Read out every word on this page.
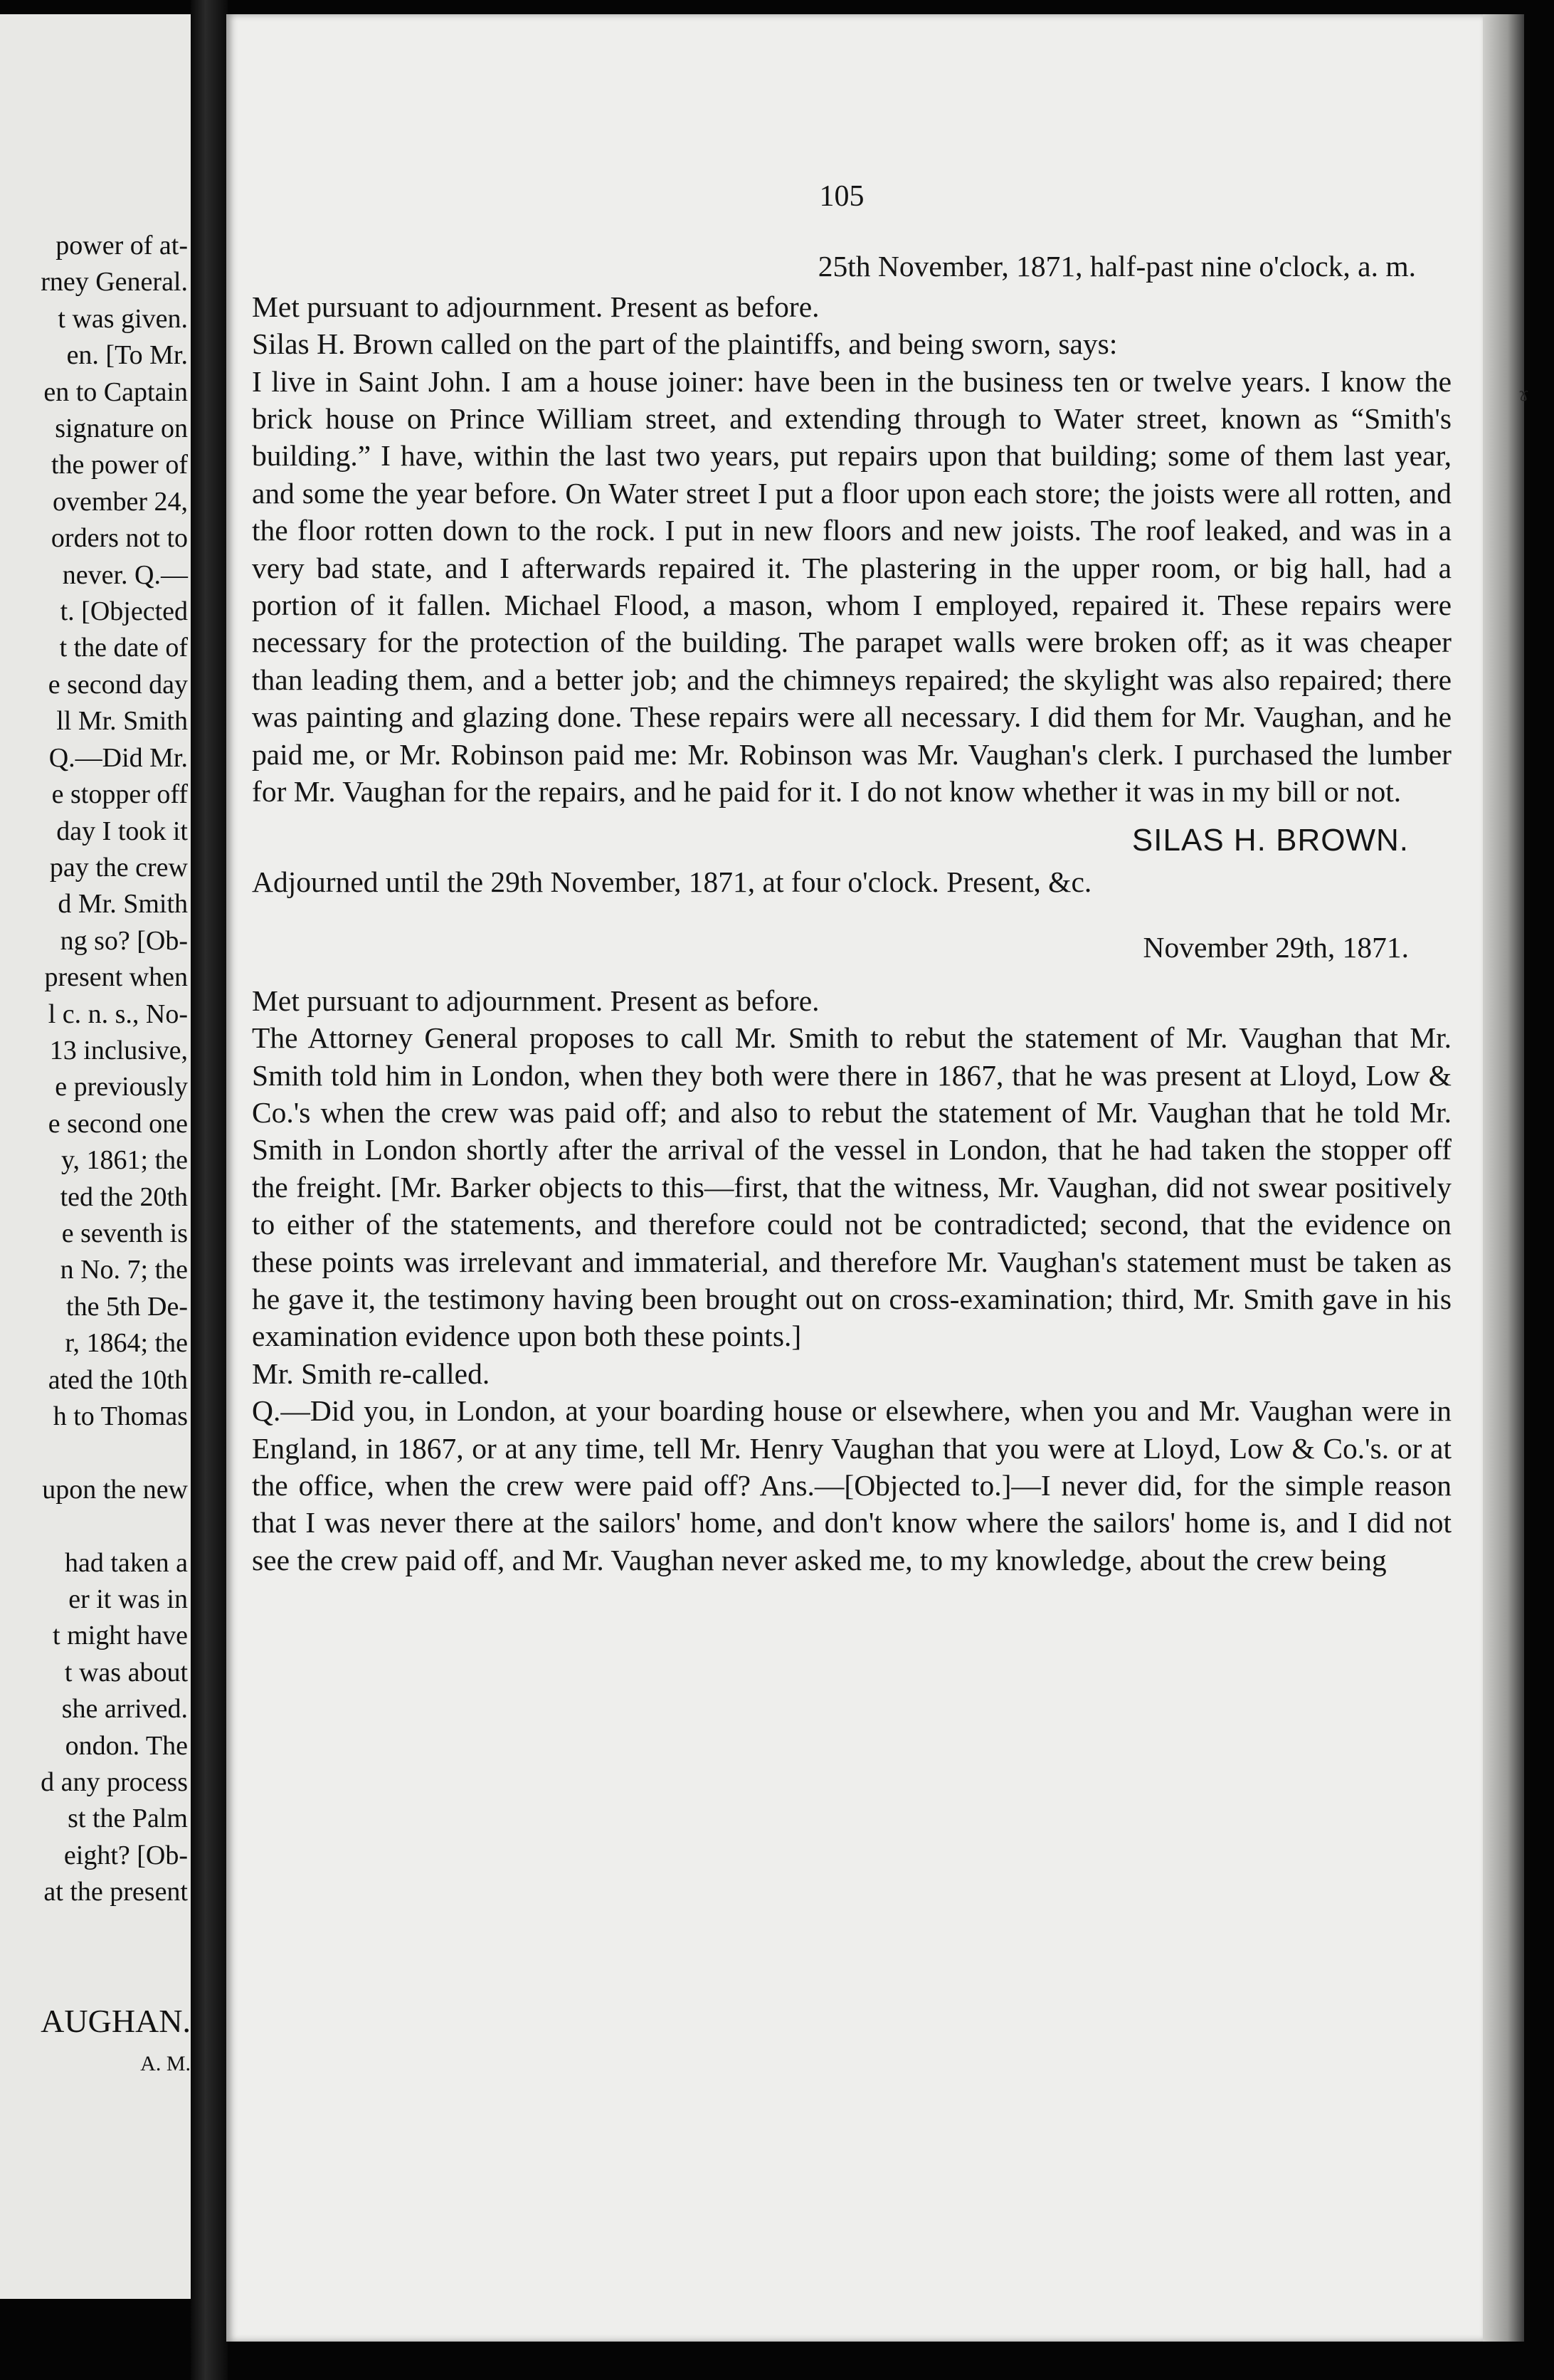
power of at-
rney General.
t was given.
en. [To Mr.
en to Captain
signature on
the power of
ovember 24,
orders not to
never. Q.—
t. [Objected
t the date of
e second day
ll Mr. Smith
Q.—Did Mr.
e stopper off
day I took it
pay the crew
d Mr. Smith
ng so? [Ob-
present when
l c. n. s., No-
13 inclusive,
e previously
e second one
y, 1861; the
ted the 20th
e seventh is
n No. 7; the
the 5th De-
r, 1864; the
ated the 10th
h to Thomas

upon the new

had taken a
er it was in
t might have
t was about
she arrived.
ondon. The
d any process
st the Palm
eight? [Ob-
at the present
AUGHAN.
A. M.
105
25th November, 1871, half-past nine o'clock, a. m.
Met pursuant to adjournment. Present as before.
Silas H. Brown called on the part of the plaintiffs, and being sworn, says:
I live in Saint John. I am a house joiner: have been in the business ten or twelve years. I know the brick house on Prince William street, and extending through to Water street, known as “Smith's building.” I have, within the last two years, put repairs upon that building; some of them last year, and some the year before. On Water street I put a floor upon each store; the joists were all rotten, and the floor rotten down to the rock. I put in new floors and new joists. The roof leaked, and was in a very bad state, and I afterwards repaired it. The plastering in the upper room, or big hall, had a portion of it fallen. Michael Flood, a mason, whom I employed, repaired it. These repairs were necessary for the protection of the building. The parapet walls were broken off; as it was cheaper than leading them, and a better job; and the chimneys repaired; the skylight was also repaired; there was painting and glazing done. These repairs were all necessary. I did them for Mr. Vaughan, and he paid me, or Mr. Robinson paid me: Mr. Robinson was Mr. Vaughan's clerk. I purchased the lumber for Mr. Vaughan for the repairs, and he paid for it. I do not know whether it was in my bill or not.
SILAS H. BROWN.
Adjourned until the 29th November, 1871, at four o'clock. Present, &c.
November 29th, 1871.
Met pursuant to adjournment. Present as before.
The Attorney General proposes to call Mr. Smith to rebut the statement of Mr. Vaughan that Mr. Smith told him in London, when they both were there in 1867, that he was present at Lloyd, Low & Co.'s when the crew was paid off; and also to rebut the statement of Mr. Vaughan that he told Mr. Smith in London shortly after the arrival of the vessel in London, that he had taken the stopper off the freight. [Mr. Barker objects to this—first, that the witness, Mr. Vaughan, did not swear positively to either of the statements, and therefore could not be contradicted; second, that the evidence on these points was irrelevant and immaterial, and therefore Mr. Vaughan's statement must be taken as he gave it, the testimony having been brought out on cross-examination; third, Mr. Smith gave in his examination evidence upon both these points.]
Mr. Smith re-called.
Q.—Did you, in London, at your boarding house or elsewhere, when you and Mr. Vaughan were in England, in 1867, or at any time, tell Mr. Henry Vaughan that you were at Lloyd, Low & Co.'s. or at the office, when the crew were paid off? Ans.—[Objected to.]—I never did, for the simple reason that I was never there at the sailors' home, and don't know where the sailors' home is, and I did not see the crew paid off, and Mr. Vaughan never asked me, to my knowledge, about the crew being
ɤ
